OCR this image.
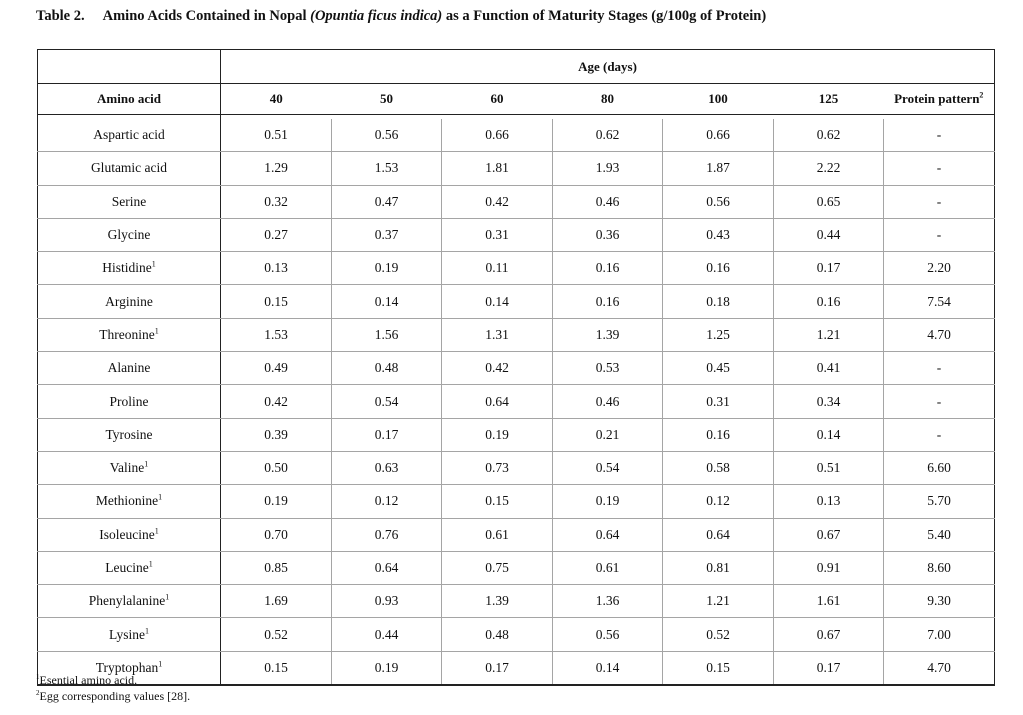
Table 2. Amino Acids Contained in Nopal (Opuntia ficus indica) as a Function of Maturity Stages (g/100g of Protein)
	Age (days)						
Amino acid	40	50	60	80	100	125	Protein pattern$^2$

Aspartic acid	0.51	0.56	0.66	0.62	0.66	0.62	-
Glutamic acid	1.29	1.53	1.81	1.93	1.87	2.22	-
Serine	0.32	0.47	0.42	0.46	0.56	0.65	-
Glycine	0.27	0.37	0.31	0.36	0.43	0.44	-
Histidine$^1$	0.13	0.19	0.11	0.16	0.16	0.17	2.20
Arginine	0.15	0.14	0.14	0.16	0.18	0.16	7.54
Threonine$^1$	1.53	1.56	1.31	1.39	1.25	1.21	4.70
Alanine	0.49	0.48	0.42	0.53	0.45	0.41	-
Proline	0.42	0.54	0.64	0.46	0.31	0.34	-
Tyrosine	0.39	0.17	0.19	0.21	0.16	0.14	-
Valine$^1$	0.50	0.63	0.73	0.54	0.58	0.51	6.60
Methionine$^1$	0.19	0.12	0.15	0.19	0.12	0.13	5.70
Isoleucine$^1$	0.70	0.76	0.61	0.64	0.64	0.67	5.40
Leucine$^1$	0.85	0.64	0.75	0.61	0.81	0.91	8.60
Phenylalanine$^1$	1.69	0.93	1.39	1.36	1.21	1.61	9.30
Lysine$^1$	0.52	0.44	0.48	0.56	0.52	0.67	7.00
Tryptophan$^1$	0.15	0.19	0.17	0.14	0.15	0.17	4.70
$^1$Esential amino acid.
$^2$Egg corresponding values [28].
